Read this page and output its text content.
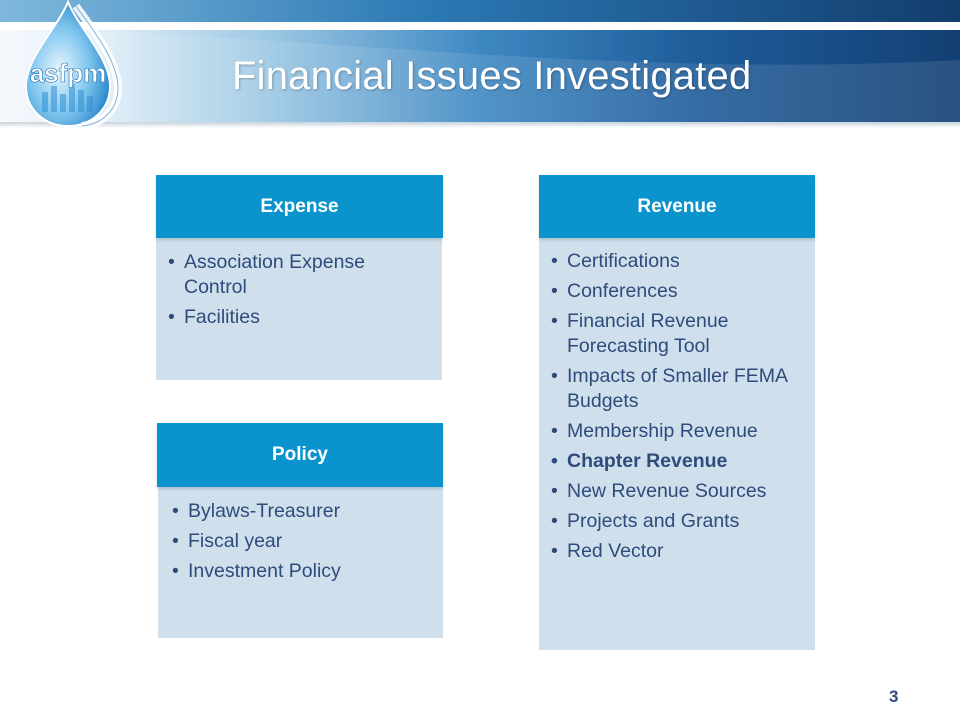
Financial Issues Investigated
asfpm
Expense
• Association Expense Control
• Facilities
Policy
• Bylaws-Treasurer
• Fiscal year
• Investment Policy
Revenue
• Certifications
• Conferences
• Financial Revenue Forecasting Tool
• Impacts of Smaller FEMA Budgets
• Membership Revenue
• Chapter Revenue
• New Revenue Sources
• Projects and Grants
• Red Vector
3
